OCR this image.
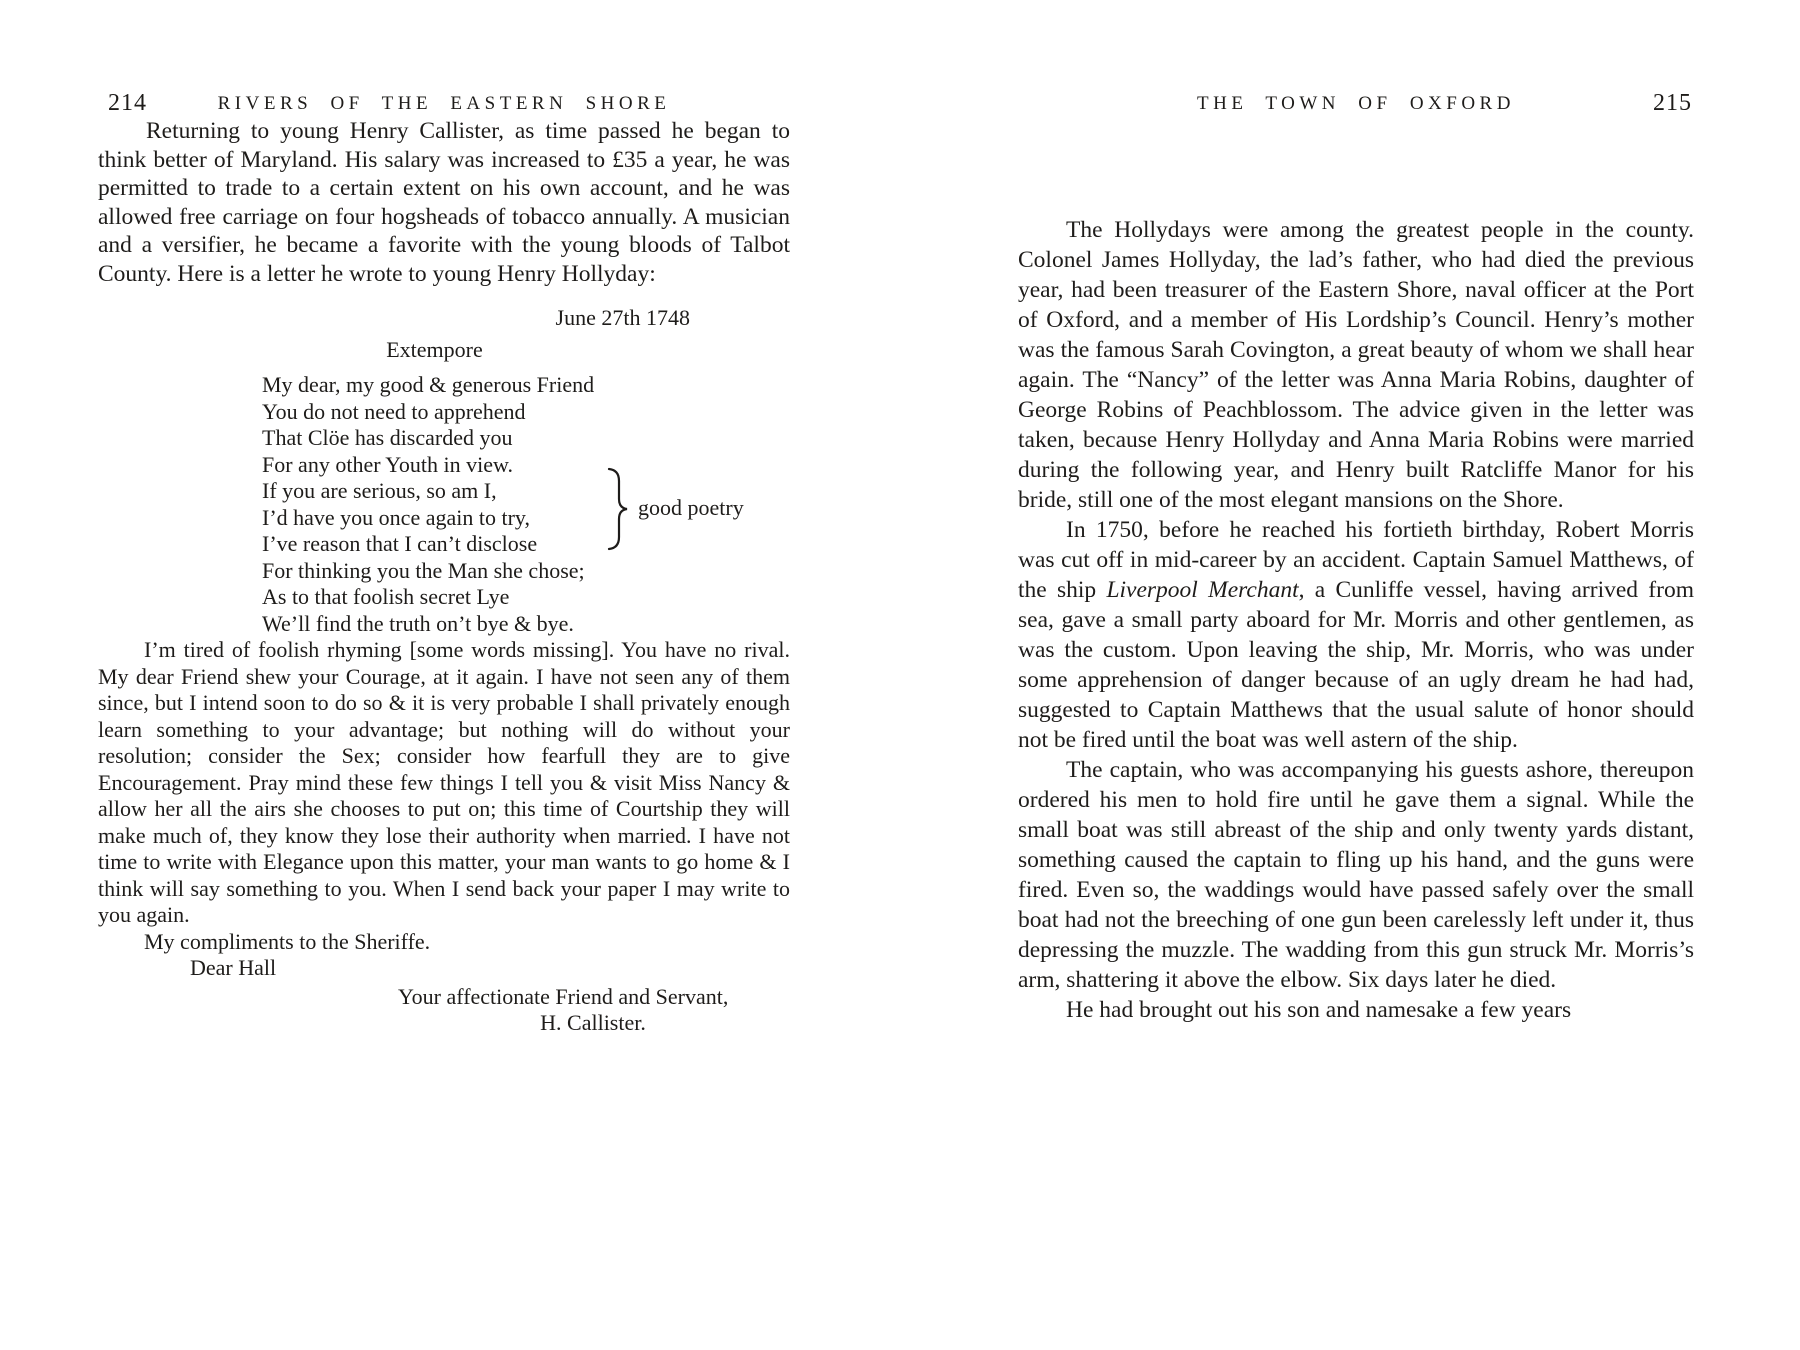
214	RIVERS OF THE EASTERN SHORE

Returning to young Henry Callister, as time passed he began to think better of Maryland. His salary was increased to £35 a year, he was permitted to trade to a certain extent on his own account, and he was allowed free carriage on four hogsheads of tobacco annually. A musician and a versifier, he became a favorite with the young bloods of Talbot County. Here is a letter he wrote to young Henry Hollyday:

June 27th 1748
Extempore
My dear, my good & generous Friend
You do not need to apprehend
That Clöe has discarded you
For any other Youth in view.
If you are serious, so am I,
I’d have you once again to try,
I’ve reason that I can’t disclose
For thinking you the Man she chose;
As to that foolish secret Lye
We’ll find the truth on’t bye & bye.
good poetry

I’m tired of foolish rhyming [some words missing]. You have no rival. My dear Friend shew your Courage, at it again. I have not seen any of them since, but I intend soon to do so & it is very probable I shall privately enough learn something to your advantage; but nothing will do without your resolution; consider the Sex; consider how fearfull they are to give Encouragement. Pray mind these few things I tell you & visit Miss Nancy & allow her all the airs she chooses to put on; this time of Courtship they will make much of, they know they lose their authority when married. I have not time to write with Elegance upon this matter, your man wants to go home & I think will say something to you. When I send back your paper I may write to you again.

My compliments to the Sheriffe.
Dear Hall
Your affectionate Friend and Servant,
H. Callister.
THE TOWN OF OXFORD	215

The Hollydays were among the greatest people in the county. Colonel James Hollyday, the lad’s father, who had died the previous year, had been treasurer of the Eastern Shore, naval officer at the Port of Oxford, and a member of His Lordship’s Council. Henry’s mother was the famous Sarah Covington, a great beauty of whom we shall hear again. The “Nancy” of the letter was Anna Maria Robins, daughter of George Robins of Peachblossom. The advice given in the letter was taken, because Henry Hollyday and Anna Maria Robins were married during the following year, and Henry built Ratcliffe Manor for his bride, still one of the most elegant mansions on the Shore.

In 1750, before he reached his fortieth birthday, Robert Morris was cut off in mid-career by an accident. Captain Samuel Matthews, of the ship Liverpool Merchant, a Cunliffe vessel, having arrived from sea, gave a small party aboard for Mr. Morris and other gentlemen, as was the custom. Upon leaving the ship, Mr. Morris, who was under some apprehension of danger because of an ugly dream he had had, suggested to Captain Matthews that the usual salute of honor should not be fired until the boat was well astern of the ship.

The captain, who was accompanying his guests ashore, thereupon ordered his men to hold fire until he gave them a signal. While the small boat was still abreast of the ship and only twenty yards distant, something caused the captain to fling up his hand, and the guns were fired. Even so, the waddings would have passed safely over the small boat had not the breeching of one gun been carelessly left under it, thus depressing the muzzle. The wadding from this gun struck Mr. Morris’s arm, shattering it above the elbow. Six days later he died.

He had brought out his son and namesake a few years
